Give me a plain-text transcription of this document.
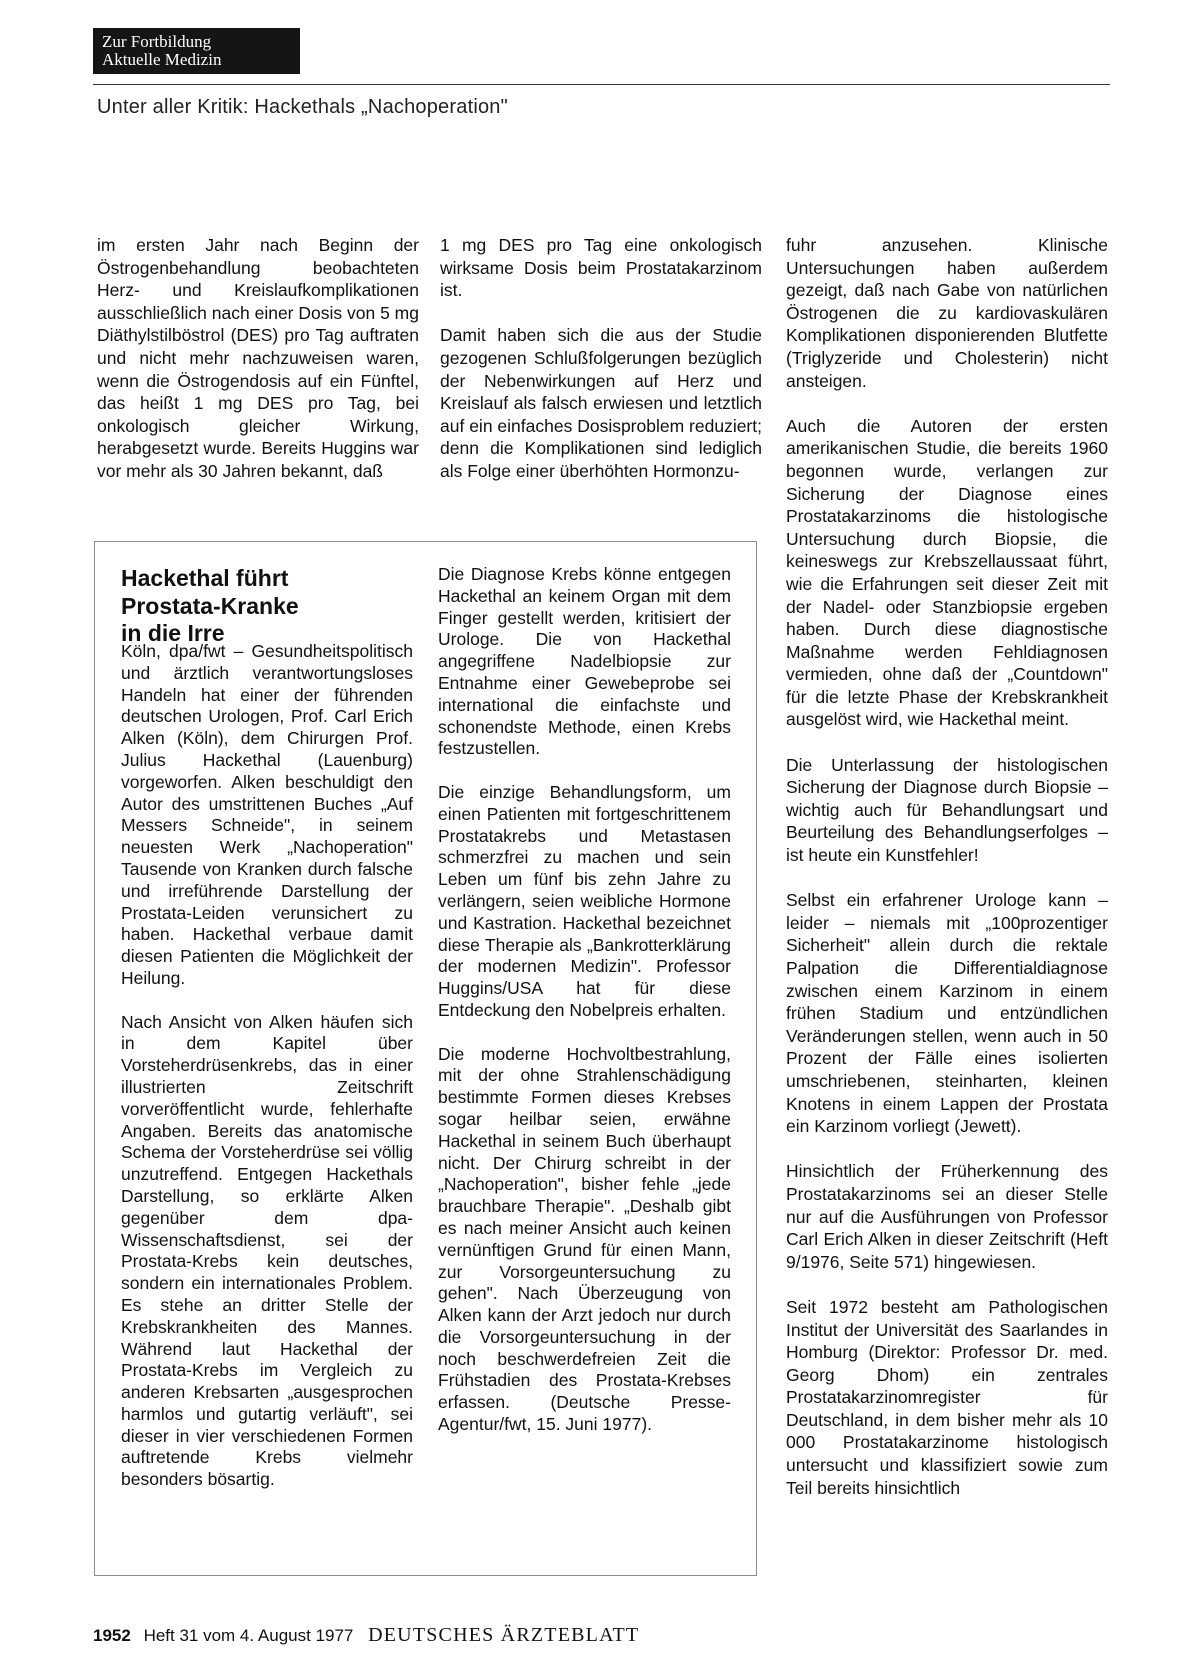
Zur Fortbildung
Aktuelle Medizin
Unter aller Kritik: Hackethals „Nachoperation"

im ersten Jahr nach Beginn der Östrogenbehandlung beobachteten Herz- und Kreislaufkomplikationen ausschließlich nach einer Dosis von 5 mg Diäthylstilböstrol (DES) pro Tag auftraten und nicht mehr nachzuweisen waren, wenn die Östrogendosis auf ein Fünftel, das heißt 1 mg DES pro Tag, bei onkologisch gleicher Wirkung, herabgesetzt wurde. Bereits Huggins war vor mehr als 30 Jahren bekannt, daß

1 mg DES pro Tag eine onkologisch wirksame Dosis beim Prostatakarzinom ist.

Damit haben sich die aus der Studie gezogenen Schlußfolgerungen bezüglich der Nebenwirkungen auf Herz und Kreislauf als falsch erwiesen und letztlich auf ein einfaches Dosisproblem reduziert; denn die Komplikationen sind lediglich als Folge einer überhöhten Hormonzu-

fuhr anzusehen. Klinische Untersuchungen haben außerdem gezeigt, daß nach Gabe von natürlichen Östrogenen die zu kardiovaskulären Komplikationen disponierenden Blutfette (Triglyzeride und Cholesterin) nicht ansteigen.

Auch die Autoren der ersten amerikanischen Studie, die bereits 1960 begonnen wurde, verlangen zur Sicherung der Diagnose eines Prostatakarzinoms die histologische Untersuchung durch Biopsie, die keineswegs zur Krebszellaussaat führt, wie die Erfahrungen seit dieser Zeit mit der Nadel- oder Stanzbiopsie ergeben haben. Durch diese diagnostische Maßnahme werden Fehldiagnosen vermieden, ohne daß der „Countdown" für die letzte Phase der Krebskrankheit ausgelöst wird, wie Hackethal meint.

Die Unterlassung der histologischen Sicherung der Diagnose durch Biopsie – wichtig auch für Behandlungsart und Beurteilung des Behandlungserfolges – ist heute ein Kunstfehler!

Selbst ein erfahrener Urologe kann – leider – niemals mit „100prozentiger Sicherheit" allein durch die rektale Palpation die Differentialdiagnose zwischen einem Karzinom in einem frühen Stadium und entzündlichen Veränderungen stellen, wenn auch in 50 Prozent der Fälle eines isolierten umschriebenen, steinharten, kleinen Knotens in einem Lappen der Prostata ein Karzinom vorliegt (Jewett).

Hinsichtlich der Früherkennung des Prostatakarzinoms sei an dieser Stelle nur auf die Ausführungen von Professor Carl Erich Alken in dieser Zeitschrift (Heft 9/1976, Seite 571) hingewiesen.

Seit 1972 besteht am Pathologischen Institut der Universität des Saarlandes in Homburg (Direktor: Professor Dr. med. Georg Dhom) ein zentrales Prostatakarzinomregister für Deutschland, in dem bisher mehr als 10 000 Prostatakarzinome histologisch untersucht und klassifiziert sowie zum Teil bereits hinsichtlich

Hackethal führt
Prostata-Kranke
in die Irre

Köln, dpa/fwt – Gesundheitspolitisch und ärztlich verantwortungsloses Handeln hat einer der führenden deutschen Urologen, Prof. Carl Erich Alken (Köln), dem Chirurgen Prof. Julius Hackethal (Lauenburg) vorgeworfen. Alken beschuldigt den Autor des umstrittenen Buches „Auf Messers Schneide", in seinem neuesten Werk „Nachoperation" Tausende von Kranken durch falsche und irreführende Darstellung der Prostata-Leiden verunsichert zu haben. Hackethal verbaue damit diesen Patienten die Möglichkeit der Heilung.

Nach Ansicht von Alken häufen sich in dem Kapitel über Vorsteherdrüsenkrebs, das in einer illustrierten Zeitschrift vorveröffentlicht wurde, fehlerhafte Angaben. Bereits das anatomische Schema der Vorsteherdrüse sei völlig unzutreffend. Entgegen Hackethals Darstellung, so erklärte Alken gegenüber dem dpa-Wissenschaftsdienst, sei der Prostata-Krebs kein deutsches, sondern ein internationales Problem. Es stehe an dritter Stelle der Krebskrankheiten des Mannes. Während laut Hackethal der Prostata-Krebs im Vergleich zu anderen Krebsarten „ausgesprochen harmlos und gutartig verläuft", sei dieser in vier verschiedenen Formen auftretende Krebs vielmehr besonders bösartig.

Die Diagnose Krebs könne entgegen Hackethal an keinem Organ mit dem Finger gestellt werden, kritisiert der Urologe. Die von Hackethal angegriffene Nadelbiopsie zur Entnahme einer Gewebeprobe sei international die einfachste und schonendste Methode, einen Krebs festzustellen.

Die einzige Behandlungsform, um einen Patienten mit fortgeschrittenem Prostatakrebs und Metastasen schmerzfrei zu machen und sein Leben um fünf bis zehn Jahre zu verlängern, seien weibliche Hormone und Kastration. Hackethal bezeichnet diese Therapie als „Bankrotterklärung der modernen Medizin". Professor Huggins/USA hat für diese Entdeckung den Nobelpreis erhalten.

Die moderne Hochvoltbestrahlung, mit der ohne Strahlenschädigung bestimmte Formen dieses Krebses sogar heilbar seien, erwähne Hackethal in seinem Buch überhaupt nicht. Der Chirurg schreibt in der „Nachoperation", bisher fehle „jede brauchbare Therapie". „Deshalb gibt es nach meiner Ansicht auch keinen vernünftigen Grund für einen Mann, zur Vorsorgeuntersuchung zu gehen". Nach Überzeugung von Alken kann der Arzt jedoch nur durch die Vorsorgeuntersuchung in der noch beschwerdefreien Zeit die Frühstadien des Prostata-Krebses erfassen. (Deutsche Presse-Agentur/fwt, 15. Juni 1977).

1952 Heft 31 vom 4. August 1977 DEUTSCHES ÄRZTEBLATT
